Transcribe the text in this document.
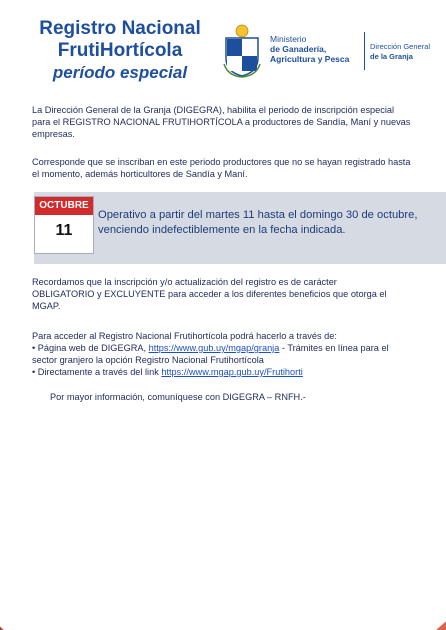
Registro Nacional
FrutiHortícola
período especial
Ministerio
de Ganadería,
Agricultura y Pesca
Dirección General
de la Granja
La Dirección General de la Granja (DIGEGRA), habilita el periodo de inscripción especial para el REGISTRO NACIONAL FRUTIHORTÍCOLA a productores de Sandía, Maní y nuevas empresas.
Corresponde que se inscriban en este periodo productores que no se hayan registrado hasta el momento, además horticultores de Sandía y Maní.
OCTUBRE
11
Operativo a partir del martes 11 hasta el domingo 30 de octubre, venciendo indefectiblemente en la fecha indicada.
Recordamos que la inscripción y/o actualización del registro es de carácter OBLIGATORIO y EXCLUYENTE para acceder a los diferentes beneficios que otorga el MGAP.
Para acceder al Registro Nacional Frutihortícola podrá hacerlo a través de:
• Página web de DIGEGRA, https://www.gub.uy/mgap/granja - Trámites en línea para el sector granjero la opción Registro Nacional Frutihortícola
• Directamente a través del link https://www.mgap.gub.uy/Frutihorti
Por mayor información, comuníquese con DIGEGRA – RNFH.-
